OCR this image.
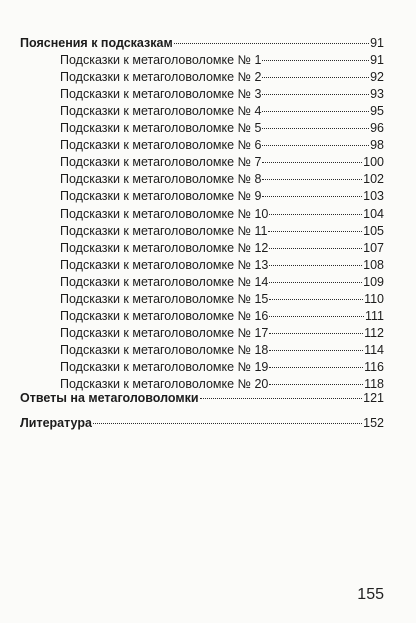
Пояснения к подсказкам	91
Подсказки к метаголоволомке № 1	91
Подсказки к метаголоволомке № 2	92
Подсказки к метаголоволомке № 3	93
Подсказки к метаголоволомке № 4	95
Подсказки к метаголоволомке № 5	96
Подсказки к метаголоволомке № 6	98
Подсказки к метаголоволомке № 7	100
Подсказки к метаголоволомке № 8	102
Подсказки к метаголоволомке № 9	103
Подсказки к метаголоволомке № 10	104
Подсказки к метаголоволомке № 11	105
Подсказки к метаголоволомке № 12	107
Подсказки к метаголоволомке № 13	108
Подсказки к метаголоволомке № 14	109
Подсказки к метаголоволомке № 15	110
Подсказки к метаголоволомке № 16	111
Подсказки к метаголоволомке № 17	112
Подсказки к метаголоволомке № 18	114
Подсказки к метаголоволомке № 19	116
Подсказки к метаголоволомке № 20	118
Ответы на метаголоволомки	121
Литература	152
155
